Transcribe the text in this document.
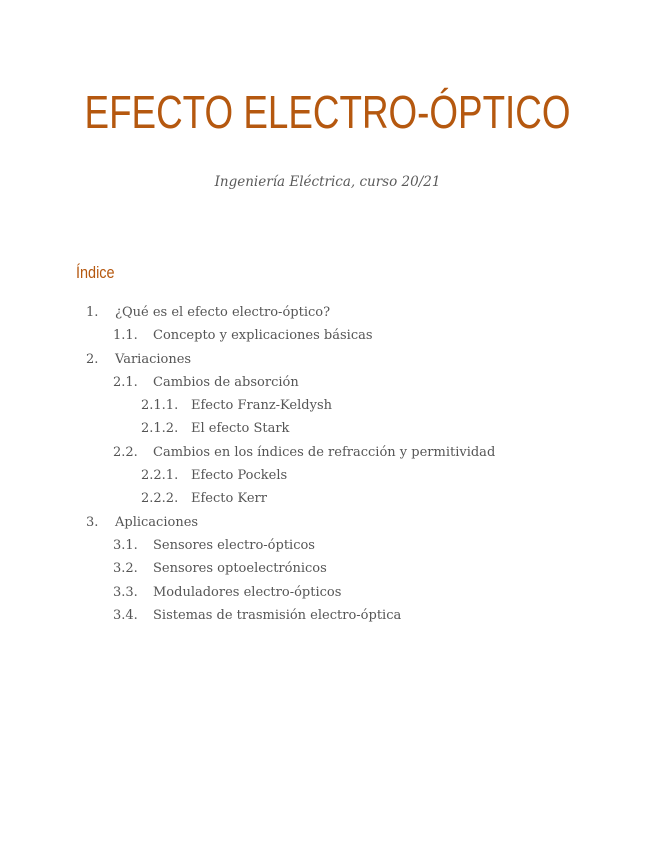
EFECTO ELECTRO-ÓPTICO
Ingeniería Eléctrica, curso 20/21
Índice
1. ¿Qué es el efecto electro-óptico?
1.1. Concepto y explicaciones básicas
2. Variaciones
2.1. Cambios de absorción
2.1.1. Efecto Franz-Keldysh
2.1.2. El efecto Stark
2.2. Cambios en los índices de refracción y permitividad
2.2.1. Efecto Pockels
2.2.2. Efecto Kerr
3. Aplicaciones
3.1. Sensores electro-ópticos
3.2. Sensores optoelectrónicos
3.3. Moduladores electro-ópticos
3.4. Sistemas de trasmisión electro-óptica
